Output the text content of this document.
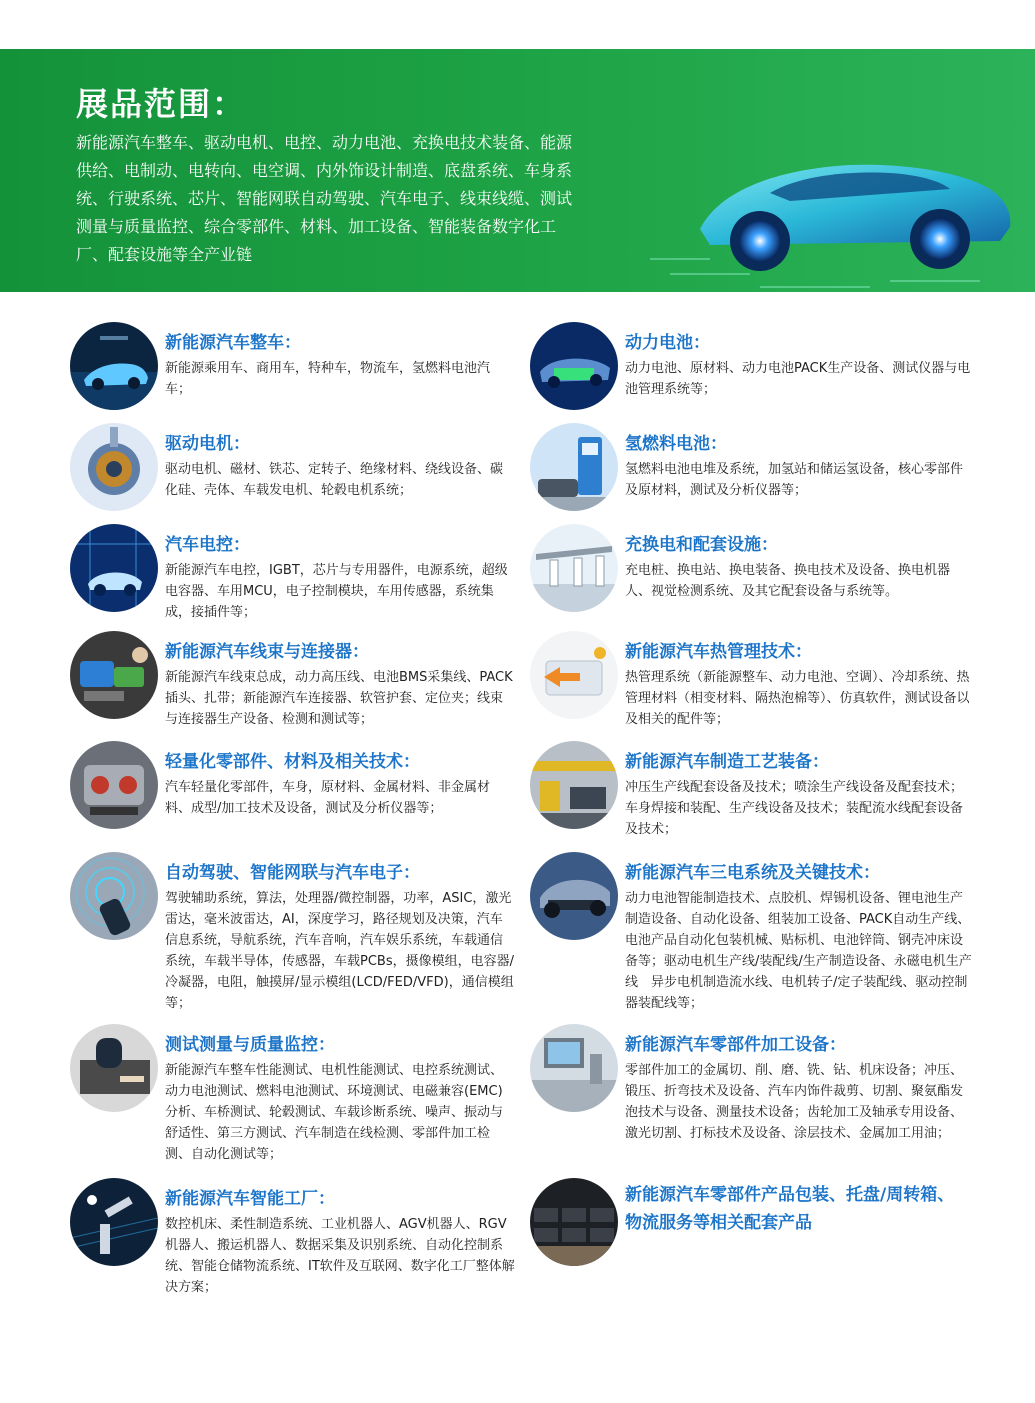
展品范围：
新能源汽车整车、驱动电机、电控、动力电池、充换电技术装备、能源供给、电制动、电转向、电空调、内外饰设计制造、底盘系统、车身系统、行驶系统、芯片、智能网联自动驾驶、汽车电子、线束线缆、测试测量与质量监控、综合零部件、材料、加工设备、智能装备数字化工厂、配套设施等全产业链
新能源汽车整车：
新能源乘用车、商用车，特种车，物流车，氢燃料电池汽车；
驱动电机：
驱动电机、磁材、铁芯、定转子、绝缘材料、绕线设备、碳化硅、壳体、车载发电机、轮毂电机系统；
汽车电控：
新能源汽车电控，IGBT，芯片与专用器件，电源系统，超级电容器、车用MCU，电子控制模块，车用传感器，系统集成，接插件等；
新能源汽车线束与连接器：
新能源汽车线束总成，动力高压线、电池BMS采集线、PACK插头、扎带；新能源汽车连接器、软管护套、定位夹；线束与连接器生产设备、检测和测试等；
轻量化零部件、材料及相关技术：
汽车轻量化零部件，车身，原材料、金属材料、非金属材料、成型/加工技术及设备，测试及分析仪器等；
自动驾驶、智能网联与汽车电子：
驾驶辅助系统，算法，处理器/微控制器，功率，ASIC，激光雷达，毫米波雷达，AI，深度学习，路径规划及决策，汽车信息系统，导航系统，汽车音响，汽车娱乐系统，车载通信系统，车载半导体，传感器，车载PCBs，摄像模组，电容器/冷凝器，电阻，触摸屏/显示模组(LCD/FED/VFD)，通信模组等；
测试测量与质量监控：
新能源汽车整车性能测试、电机性能测试、电控系统测试、动力电池测试、燃料电池测试、环境测试、电磁兼容(EMC)分析、车桥测试、轮毂测试、车载诊断系统、噪声、振动与舒适性、第三方测试、汽车制造在线检测、零部件加工检测、自动化测试等；
新能源汽车智能工厂：
数控机床、柔性制造系统、工业机器人、AGV机器人、RGV机器人、搬运机器人、数据采集及识别系统、自动化控制系统、智能仓储物流系统、IT软件及互联网、数字化工厂整体解决方案；
动力电池：
动力电池、原材料、动力电池PACK生产设备、测试仪器与电池管理系统等；
氢燃料电池：
氢燃料电池电堆及系统，加氢站和储运氢设备，核心零部件及原材料，测试及分析仪器等；
充换电和配套设施：
充电桩、换电站、换电装备、换电技术及设备、换电机器人、视觉检测系统、及其它配套设备与系统等。
新能源汽车热管理技术：
热管理系统（新能源整车、动力电池、空调）、冷却系统、热管理材料（相变材料、隔热泡棉等）、仿真软件，测试设备以及相关的配件等；
新能源汽车制造工艺装备：
冲压生产线配套设备及技术；喷涂生产线设备及配套技术；车身焊接和装配、生产线设备及技术；装配流水线配套设备及技术；
新能源汽车三电系统及关键技术：
动力电池智能制造技术、点胶机、焊锡机设备、锂电池生产制造设备、自动化设备、组装加工设备、PACK自动生产线、电池产品自动化包装机械、贴标机、电池锌筒、钢壳冲床设备等；驱动电机生产线/装配线/生产制造设备、永磁电机生产线　异步电机制造流水线、电机转子/定子装配线、驱动控制器装配线等；
新能源汽车零部件加工设备：
零部件加工的金属切、削、磨、铣、钻、机床设备；冲压、锻压、折弯技术及设备、汽车内饰件裁剪、切割、聚氨酯发泡技术与设备、测量技术设备；齿轮加工及轴承专用设备、激光切割、打标技术及设备、涂层技术、金属加工用油；
新能源汽车零部件产品包装、托盘/周转箱、物流服务等相关配套产品
